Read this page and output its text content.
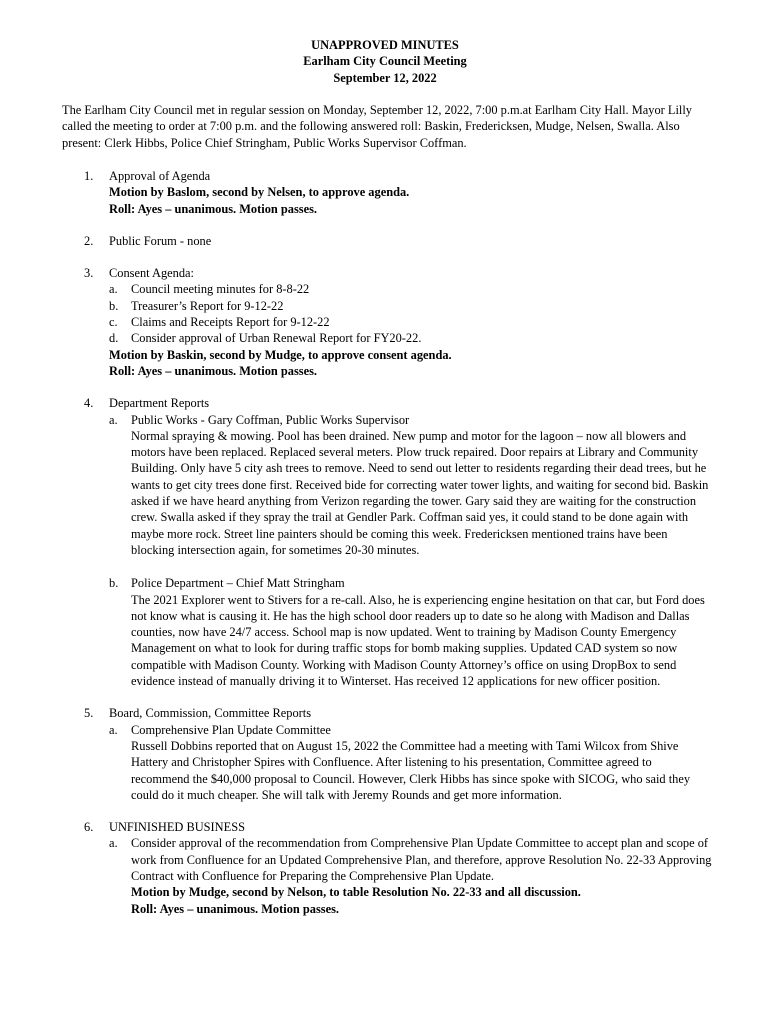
UNAPPROVED MINUTES
Earlham City Council Meeting
September 12, 2022
The Earlham City Council met in regular session on Monday, September 12, 2022, 7:00 p.m.at Earlham City Hall. Mayor Lilly called the meeting to order at 7:00 p.m. and the following answered roll: Baskin, Fredericksen, Mudge, Nelsen, Swalla. Also present: Clerk Hibbs, Police Chief Stringham, Public Works Supervisor Coffman.
1. Approval of Agenda
Motion by Baslom, second by Nelsen, to approve agenda.
Roll: Ayes – unanimous. Motion passes.
2. Public Forum - none
3. Consent Agenda:
a. Council meeting minutes for 8-8-22
b. Treasurer’s Report for 9-12-22
c. Claims and Receipts Report for 9-12-22
d. Consider approval of Urban Renewal Report for FY20-22.
Motion by Baskin, second by Mudge, to approve consent agenda.
Roll: Ayes – unanimous. Motion passes.
4. Department Reports
a. Public Works - Gary Coffman, Public Works Supervisor
Normal spraying & mowing. Pool has been drained. New pump and motor for the lagoon – now all blowers and motors have been replaced. Replaced several meters. Plow truck repaired. Door repairs at Library and Community Building. Only have 5 city ash trees to remove. Need to send out letter to residents regarding their dead trees, but he wants to get city trees done first. Received bide for correcting water tower lights, and waiting for second bid. Baskin asked if we have heard anything from Verizon regarding the tower. Gary said they are waiting for the construction crew. Swalla asked if they spray the trail at Gendler Park. Coffman said yes, it could stand to be done again with maybe more rock. Street line painters should be coming this week. Fredericksen mentioned trains have been blocking intersection again, for sometimes 20-30 minutes.
b. Police Department – Chief Matt Stringham
The 2021 Explorer went to Stivers for a re-call. Also, he is experiencing engine hesitation on that car, but Ford does not know what is causing it. He has the high school door readers up to date so he along with Madison and Dallas counties, now have 24/7 access. School map is now updated. Went to training by Madison County Emergency Management on what to look for during traffic stops for bomb making supplies. Updated CAD system so now compatible with Madison County. Working with Madison County Attorney’s office on using DropBox to send evidence instead of manually driving it to Winterset. Has received 12 applications for new officer position.
5. Board, Commission, Committee Reports
a. Comprehensive Plan Update Committee
Russell Dobbins reported that on August 15, 2022 the Committee had a meeting with Tami Wilcox from Shive Hattery and Christopher Spires with Confluence. After listening to his presentation, Committee agreed to recommend the $40,000 proposal to Council. However, Clerk Hibbs has since spoke with SICOG, who said they could do it much cheaper. She will talk with Jeremy Rounds and get more information.
6. UNFINISHED BUSINESS
a. Consider approval of the recommendation from Comprehensive Plan Update Committee to accept plan and scope of work from Confluence for an Updated Comprehensive Plan, and therefore, approve Resolution No. 22-33 Approving Contract with Confluence for Preparing the Comprehensive Plan Update.
Motion by Mudge, second by Nelson, to table Resolution No. 22-33 and all discussion.
Roll: Ayes – unanimous. Motion passes.
